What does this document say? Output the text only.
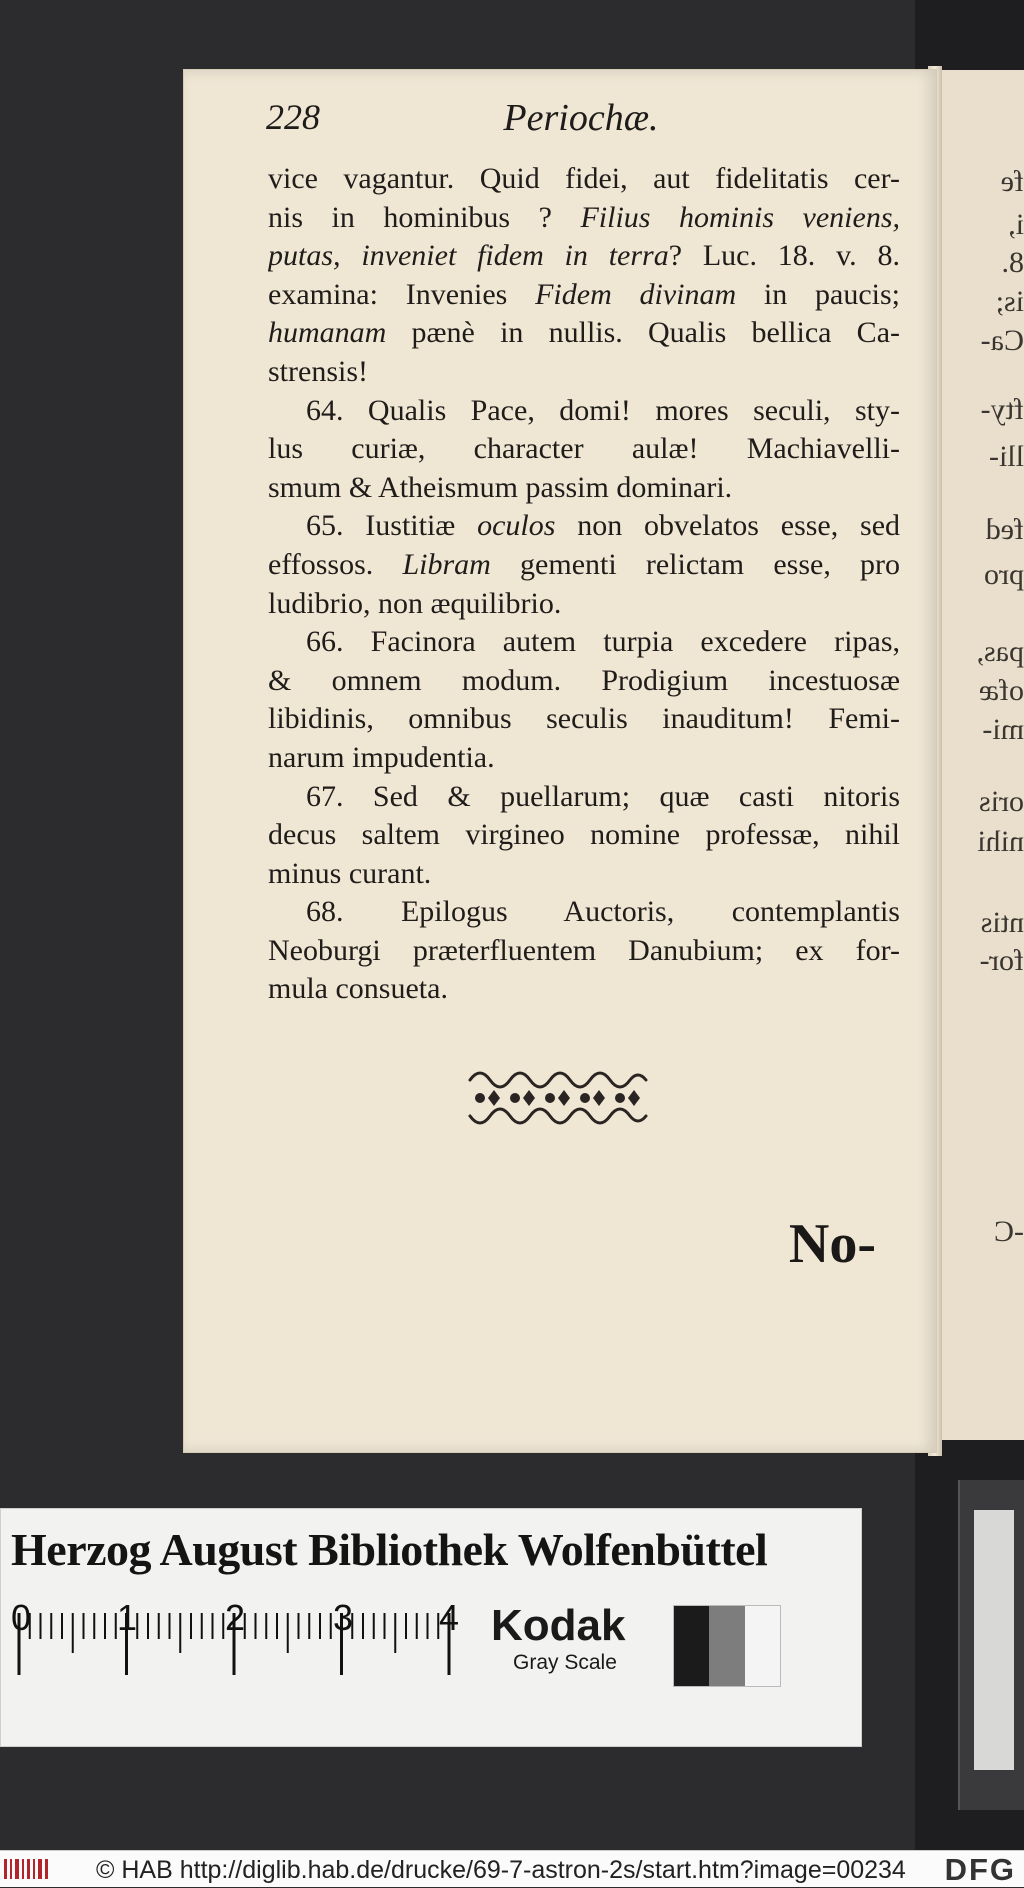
fe
i,
8.
is;
Ca-
fty-
lli-
fed
pro
pas,
ofæ
mi-
oris
nihi
ntis
for-
-C
228	Periochæ.
vice vagantur. Quid fidei, aut fidelitatis cer-
nis in hominibus ? Filius hominis veniens,
putas, inveniet fidem in terra? Luc. 18. v. 8.
examina: Invenies Fidem divinam in paucis;
humanam pænè in nullis. Qualis bellica Ca-
strensis!
64. Qualis Pace, domi! mores seculi, sty-
lus curiæ, character aulæ! Machiavelli-
smum & Atheismum passim dominari.
65. Iustitiæ oculos non obvelatos esse, sed
effossos. Libram gementi relictam esse, pro
ludibrio, non æquilibrio.
66. Facinora autem turpia excedere ripas,
& omnem modum. Prodigium incestuosæ
libidinis, omnibus seculis inauditum! Femi-
narum impudentia.
67. Sed & puellarum; quæ casti nitoris
decus saltem virgineo nomine professæ, nihil
minus curant.
68. Epilogus Auctoris, contemplantis
Neoburgi præterfluentem Danubium; ex for-
mula consueta.
No-
Herzog August Bibliothek Wolfenbüttel
0 1 2 3 4 Kodak
Gray Scale
© HAB http://diglib.hab.de/drucke/69-7-astron-2s/start.htm?image=00234 DFG
